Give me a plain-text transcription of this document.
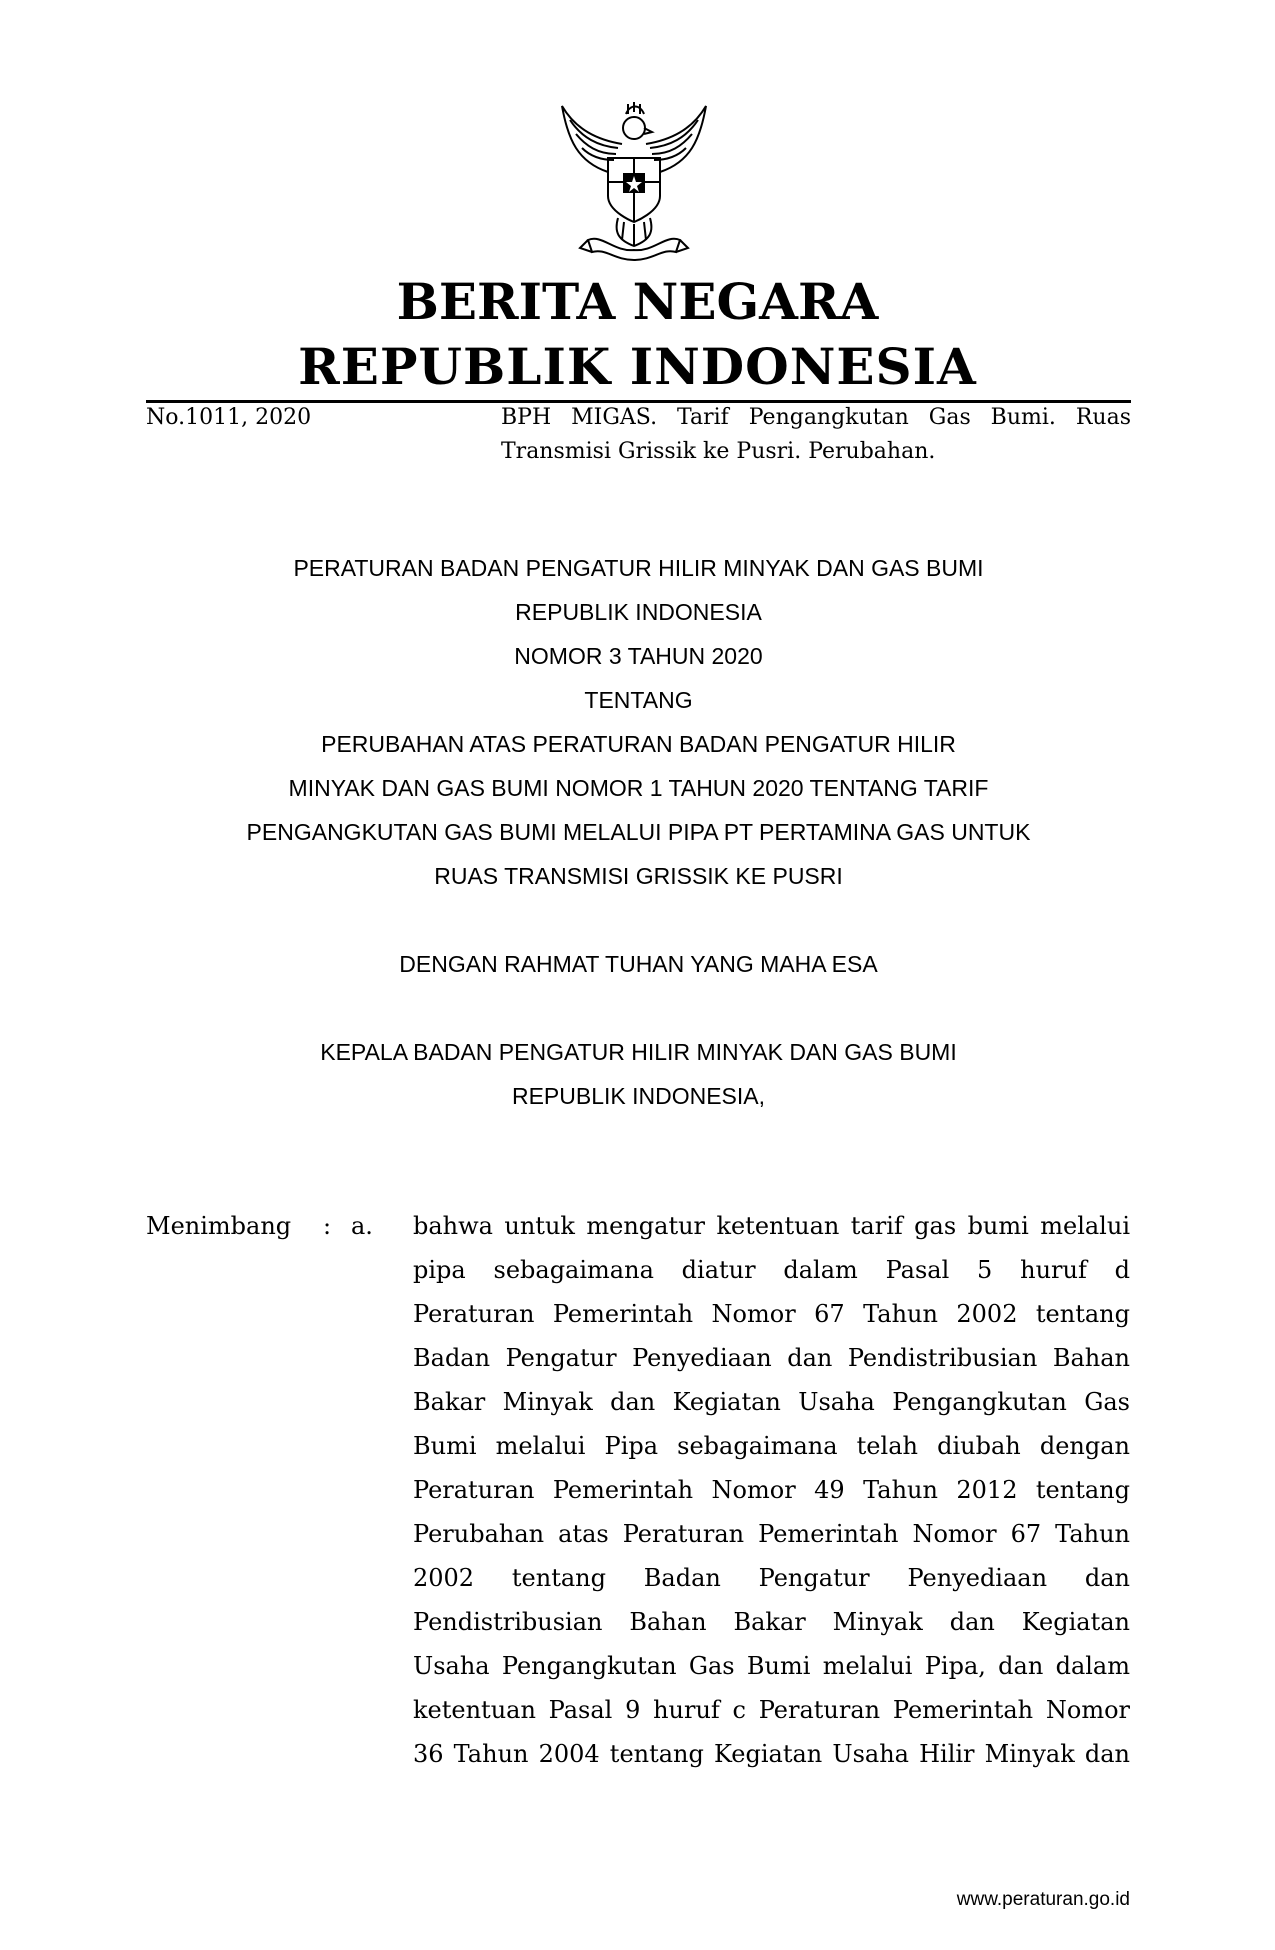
BERITA NEGARA
REPUBLIK INDONESIA
No.1011, 2020	BPH MIGAS. Tarif Pengangkutan Gas Bumi. Ruas Transmisi Grissik ke Pusri. Perubahan.
PERATURAN BADAN PENGATUR HILIR MINYAK DAN GAS BUMI
REPUBLIK INDONESIA
NOMOR 3 TAHUN 2020
TENTANG
PERUBAHAN ATAS PERATURAN BADAN PENGATUR HILIR
MINYAK DAN GAS BUMI NOMOR 1 TAHUN 2020 TENTANG TARIF
PENGANGKUTAN GAS BUMI MELALUI PIPA PT PERTAMINA GAS UNTUK
RUAS TRANSMISI GRISSIK KE PUSRI
DENGAN RAHMAT TUHAN YANG MAHA ESA
KEPALA BADAN PENGATUR HILIR MINYAK DAN GAS BUMI
REPUBLIK INDONESIA,
Menimbang : a. bahwa untuk mengatur ketentuan tarif gas bumi melalui
pipa sebagaimana diatur dalam Pasal 5 huruf d
Peraturan Pemerintah Nomor 67 Tahun 2002 tentang
Badan Pengatur Penyediaan dan Pendistribusian Bahan
Bakar Minyak dan Kegiatan Usaha Pengangkutan Gas
Bumi melalui Pipa sebagaimana telah diubah dengan
Peraturan Pemerintah Nomor 49 Tahun 2012 tentang
Perubahan atas Peraturan Pemerintah Nomor 67 Tahun
2002 tentang Badan Pengatur Penyediaan dan
Pendistribusian Bahan Bakar Minyak dan Kegiatan
Usaha Pengangkutan Gas Bumi melalui Pipa, dan dalam
ketentuan Pasal 9 huruf c Peraturan Pemerintah Nomor
36 Tahun 2004 tentang Kegiatan Usaha Hilir Minyak dan
www.peraturan.go.id
